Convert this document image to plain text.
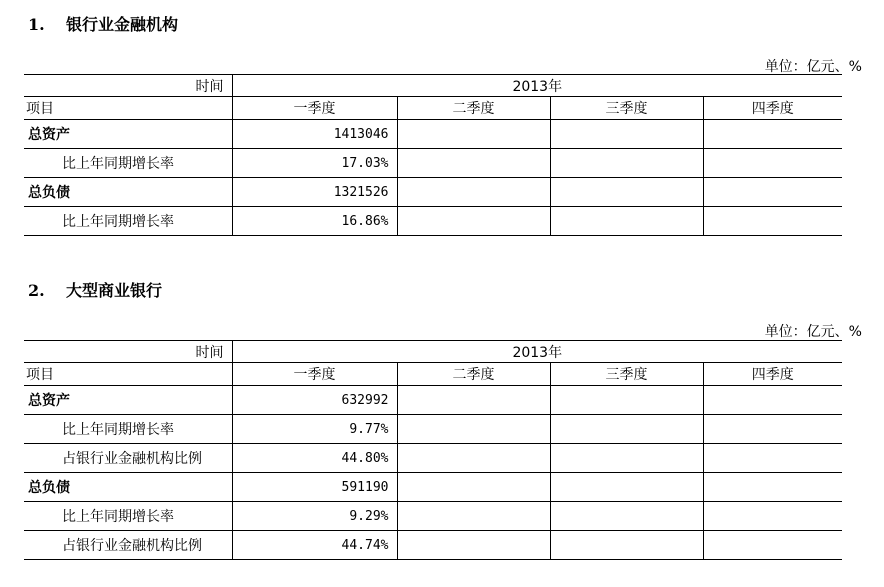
1. 银行业金融机构
单位：亿元、%
时间	2013年			
项目	一季度	二季度	三季度	四季度
总资产	1413046			
比上年同期增长率	17.03%			
总负债	1321526			
比上年同期增长率	16.86%			
2. 大型商业银行
单位：亿元、%
时间	2013年			
项目	一季度	二季度	三季度	四季度
总资产	632992			
比上年同期增长率	9.77%			
占银行业金融机构比例	44.80%			
总负债	591190			
比上年同期增长率	9.29%			
占银行业金融机构比例	44.74%			
